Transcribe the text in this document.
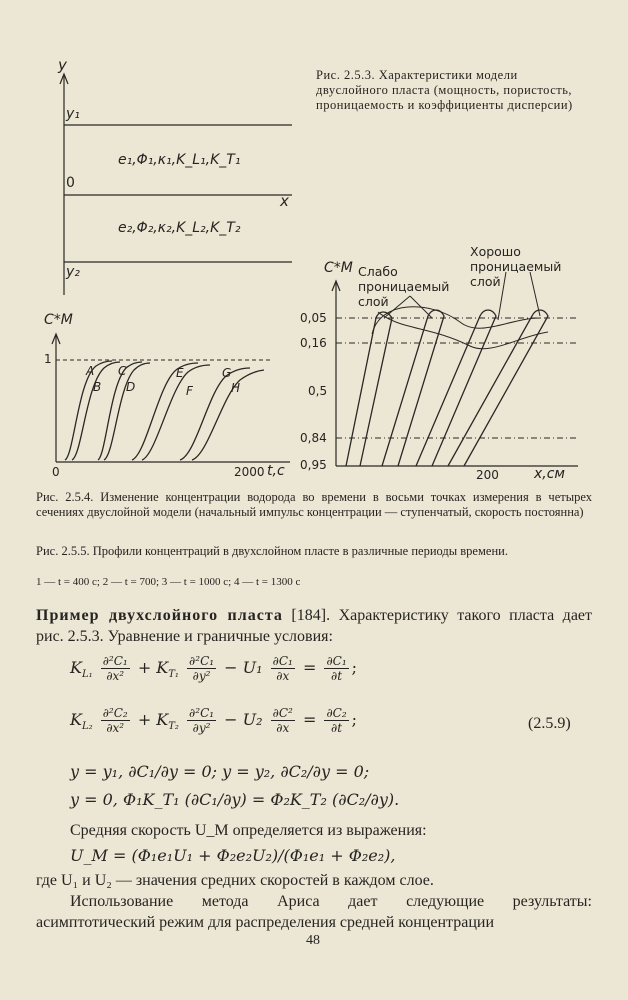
y
y₁
0
x
y₂
e₁,Φ₁,κ₁,K_L₁,K_T₁
e₂,Φ₂,κ₂,K_L₂,K_T₂
Рис. 2.5.3. Характеристики модели двуслойного пласта (мощность, пористость, проницаемость и коэффициенты дисперсии)
C*M
1
0	2000 t,c
A
B
C
D
E
F
G
H
C*M
0,05
0,16
0,5
0,84
0,95
200	x,см
Слабо проницаемый слой
Хорошо проницаемый слой
Рис. 2.5.4. Изменение концентрации водорода во времени в восьми точках измерения в четырех сечениях двуслойной модели (начальный импульс концентрации — ступенчатый, скорость постоянна)
Рис. 2.5.5. Профили концентраций в двухслойном пласте в различные периоды времени.
1 — t = 400 с; 2 — t = 700; 3 — t = 1000 с; 4 — t = 1300 с
Пример двухслойного пласта [184]. Характеристику такого пласта дает рис. 2.5.3. Уравнение и граничные условия:
$K_{L_1} \frac{\text{∂²C₁}}{\text{∂x²}} + K_{T_1} \frac{\text{∂²C₁}}{\text{∂y²}} - U_1 \frac{\text{∂C₁}}{\partial x} = \frac{\text{∂C₁}}{\partial t}$ ;
$K_{L_2} \frac{\text{∂²C₂}}{\text{∂x²}} + K_{T_2} \frac{\text{∂²C₁}}{\text{∂y²}} - U_2 \frac{\text{∂C²}}{\partial x} = \frac{\text{∂C₂}}{\partial t}$ ;	(2.5.9)
y = y₁, ∂C₁/∂y = 0; y = y₂, ∂C₂/∂y = 0;
y = 0, Φ₁K_T₁ (∂C₁/∂y) = Φ₂K_T₂ (∂C₂/∂y).
Средняя скорость U_M определяется из выражения:
U_M = (Φ₁e₁U₁ + Φ₂e₂U₂)/(Φ₁e₁ + Φ₂e₂),
где U₁ и U₂ — значения средних скоростей в каждом слое.
Использование метода Ариса дает следующие результаты: асимптотический режим для распределения средней концентрации
48
